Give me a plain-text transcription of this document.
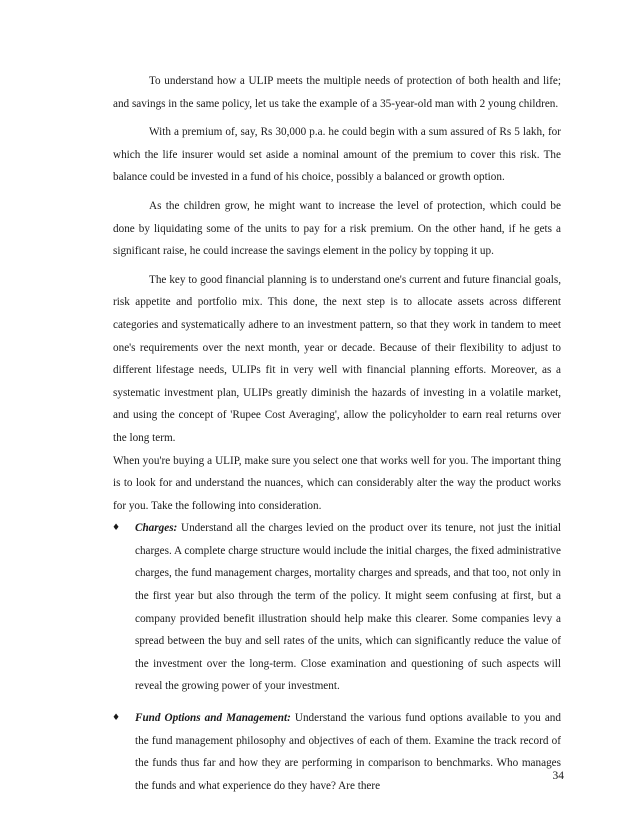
To understand how a ULIP meets the multiple needs of protection of both health and life; and savings in the same policy, let us take the example of a 35-year-old man with 2 young children.

With a premium of, say, Rs 30,000 p.a. he could begin with a sum assured of Rs 5 lakh, for which the life insurer would set aside a nominal amount of the premium to cover this risk. The balance could be invested in a fund of his choice, possibly a balanced or growth option.

As the children grow, he might want to increase the level of protection, which could be done by liquidating some of the units to pay for a risk premium. On the other hand, if he gets a significant raise, he could increase the savings element in the policy by topping it up.

The key to good financial planning is to understand one's current and future financial goals, risk appetite and portfolio mix. This done, the next step is to allocate assets across different categories and systematically adhere to an investment pattern, so that they work in tandem to meet one's requirements over the next month, year or decade. Because of their flexibility to adjust to different lifestage needs, ULIPs fit in very well with financial planning efforts. Moreover, as a systematic investment plan, ULIPs greatly diminish the hazards of investing in a volatile market, and using the concept of 'Rupee Cost Averaging', allow the policyholder to earn real returns over the long term.

When you're buying a ULIP, make sure you select one that works well for you. The important thing is to look for and understand the nuances, which can considerably alter the way the product works for you. Take the following into consideration.

♦ Charges: Understand all the charges levied on the product over its tenure, not just the initial charges. A complete charge structure would include the initial charges, the fixed administrative charges, the fund management charges, mortality charges and spreads, and that too, not only in the first year but also through the term of the policy. It might seem confusing at first, but a company provided benefit illustration should help make this clearer. Some companies levy a spread between the buy and sell rates of the units, which can significantly reduce the value of the investment over the long-term. Close examination and questioning of such aspects will reveal the growing power of your investment.
♦ Fund Options and Management: Understand the various fund options available to you and the fund management philosophy and objectives of each of them. Examine the track record of the funds thus far and how they are performing in comparison to benchmarks. Who manages the funds and what experience do they have? Are there
34
